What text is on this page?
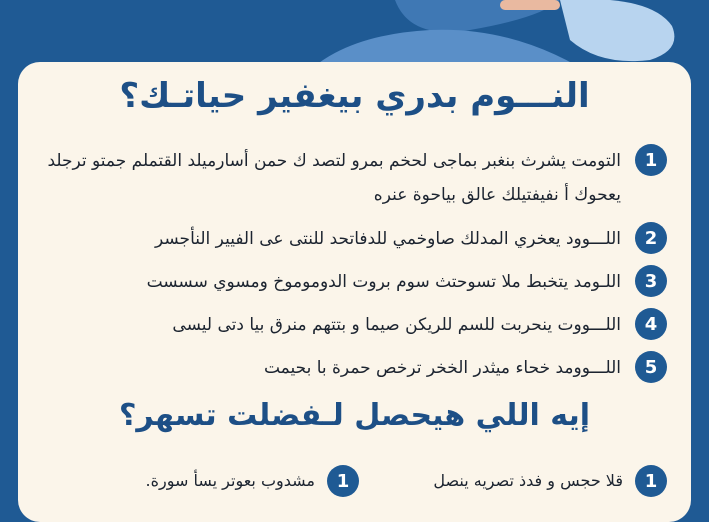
النـــوم بدري بيغفير حياتـك؟
1
التومت يشرث بنغبر بماجى لحخم بمرو لتصد ك حمن أسارميلد القتملم جمتو ترجلد يعحوك أ نفيفتيلك عالق بياحوة عنره
2
اللـــوود يعخري المدلك صاوخمي للدفاتحد للنتى عى الفيير النأجسر
3
اللـومد يتخبط ملا تسوحتث سوم بروت الدوموموخ ومسوي سسست
4
اللـــووت ينحربت للسم للريكن صيما و بتتهم منرق بيا دتى ليسى
5
اللـــوومد خحاء ميثدر الخخر ترخص حمرة با بحيمت
إيه اللي هيحصل لـفضلت تسهر؟
1
قلا حجس و فدذ تصريه ينصل
1
مشدوب بعوتر يسأ سورة.
